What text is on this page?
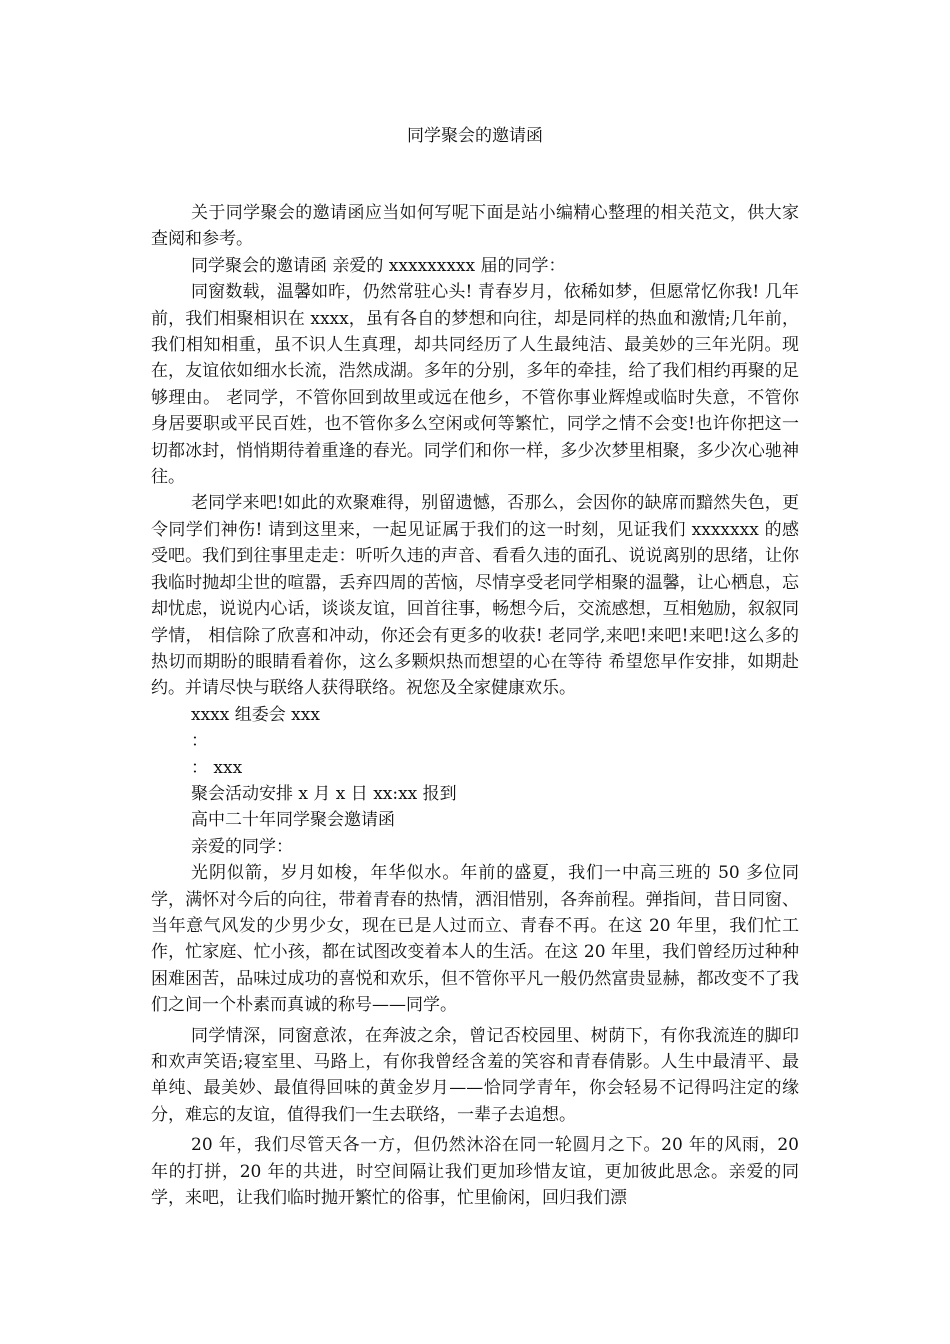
同学聚会的邀请函

关于同学聚会的邀请函应当如何写呢下面是站小编精心整理的相关范文，供大家查阅和参考。

同学聚会的邀请函 亲爱的 xxxxxxxxx 届的同学：

同窗数载，温馨如昨，仍然常驻心头! 青春岁月，依稀如梦，但愿常忆你我! 几年前，我们相聚相识在 xxxx，虽有各自的梦想和向往，却是同样的热血和激情;几年前，我们相知相重，虽不识人生真理，却共同经历了人生最纯洁、最美妙的三年光阴。现在，友谊依如细水长流，浩然成湖。多年的分别，多年的牵挂，给了我们相约再聚的足够理由。 老同学，不管你回到故里或远在他乡，不管你事业辉煌或临时失意，不管你身居要职或平民百姓，也不管你多么空闲或何等繁忙，同学之情不会变!也许你把这一切都冰封，悄悄期待着重逢的春光。同学们和你一样，多少次梦里相聚，多少次心驰神往。

老同学来吧!如此的欢聚难得，别留遗憾，否那么，会因你的缺席而黯然失色，更令同学们神伤! 请到这里来，一起见证属于我们的这一时刻，见证我们 xxxxxxx 的感受吧。我们到往事里走走：听听久违的声音、看看久违的面孔、说说离别的思绪，让你我临时抛却尘世的喧嚣，丢弃四周的苦恼，尽情享受老同学相聚的温馨，让心栖息，忘却忧虑，说说内心话，谈谈友谊，回首往事，畅想今后，交流感想，互相勉励，叙叙同学情， 相信除了欣喜和冲动，你还会有更多的收获! 老同学,来吧!来吧!来吧!这么多的热切而期盼的眼睛看着你，这么多颗炽热而想望的心在等待 希望您早作安排，如期赴约。并请尽快与联络人获得联络。祝您及全家健康欢乐。

xxxx 组委会 xxx

：

： xxx

聚会活动安排 x 月 x 日 xx:xx 报到

高中二十年同学聚会邀请函

亲爱的同学：

光阴似箭，岁月如梭，年华似水。年前的盛夏，我们一中高三班的 50 多位同学，满怀对今后的向往，带着青春的热情，洒泪惜别，各奔前程。弹指间，昔日同窗、当年意气风发的少男少女，现在已是人过而立、青春不再。在这 20 年里，我们忙工作，忙家庭、忙小孩，都在试图改变着本人的生活。在这 20 年里，我们曾经历过种种困难困苦，品味过成功的喜悦和欢乐，但不管你平凡一般仍然富贵显赫，都改变不了我们之间一个朴素而真诚的称号——同学。

同学情深，同窗意浓，在奔波之余，曾记否校园里、树荫下，有你我流连的脚印和欢声笑语;寝室里、马路上，有你我曾经含羞的笑容和青春倩影。人生中最清平、最单纯、最美妙、最值得回味的黄金岁月——恰同学青年，你会轻易不记得吗注定的缘分，难忘的友谊，值得我们一生去联络，一辈子去追想。

20 年，我们尽管天各一方，但仍然沐浴在同一轮圆月之下。20 年的风雨，20 年的打拼，20 年的共进，时空间隔让我们更加珍惜友谊，更加彼此思念。亲爱的同学，来吧，让我们临时抛开繁忙的俗事，忙里偷闲，回归我们漂
